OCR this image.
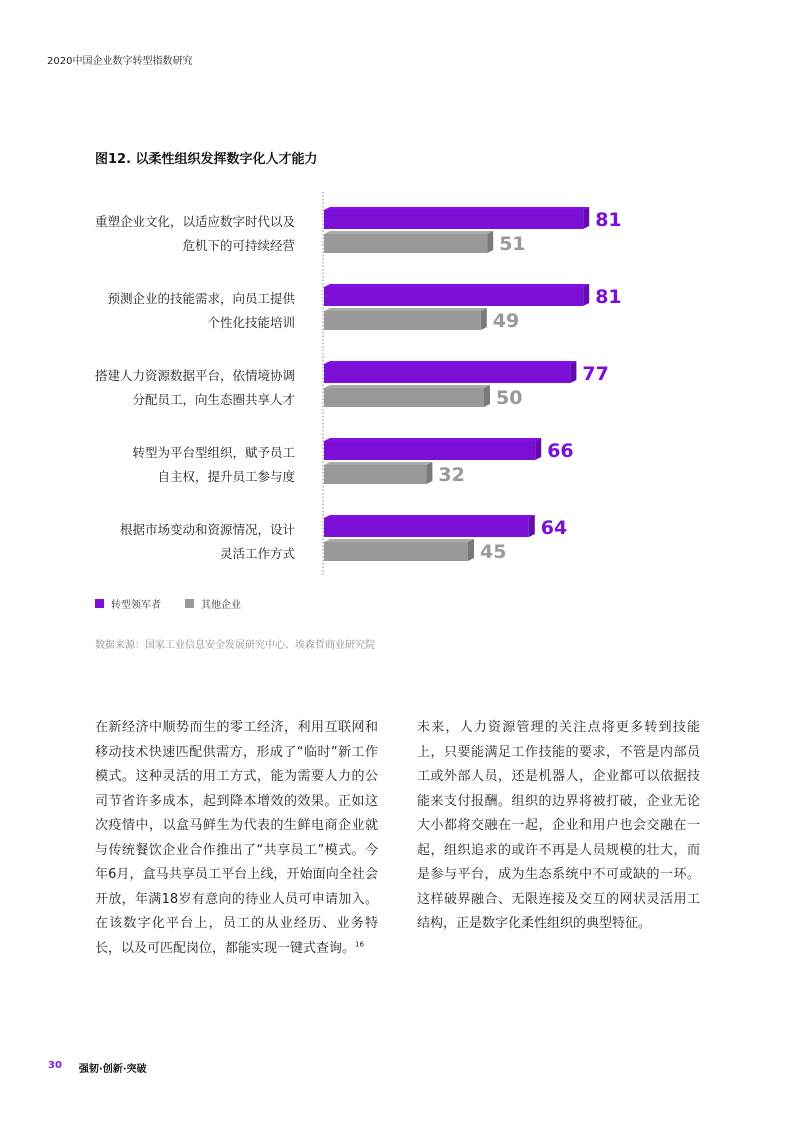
2020中国企业数字转型指数研究
图12. 以柔性组织发挥数字化人才能力
重塑企业文化，以适应数字时代以及
危机下的可持续经营
81
51
预测企业的技能需求，向员工提供
个性化技能培训
81
49
搭建人力资源数据平台，依情境协调
分配员工，向生态圈共享人才
77
50
转型为平台型组织，赋予员工
自主权，提升员工参与度
66
32
根据市场变动和资源情况，设计
灵活工作方式
64
45
转型领军者	其他企业
数据来源：国家工业信息安全发展研究中心、埃森哲商业研究院

在新经济中顺势而生的零工经济，利用互联网和移动技术快速匹配供需方，形成了“临时”新工作模式。这种灵活的用工方式，能为需要人力的公司节省许多成本，起到降本增效的效果。正如这次疫情中，以盒马鲜生为代表的生鲜电商企业就与传统餐饮企业合作推出了“共享员工”模式。今年6月，盒马共享员工平台上线，开始面向全社会开放，年满18岁有意向的待业人员可申请加入。在该数字化平台上，员工的从业经历、业务特长，以及可匹配岗位，都能实现一键式查询。$^{16}$

未来，人力资源管理的关注点将更多转到技能上，只要能满足工作技能的要求，不管是内部员工或外部人员，还是机器人，企业都可以依据技能来支付报酬。组织的边界将被打破，企业无论大小都将交融在一起，企业和用户也会交融在一起，组织追求的或许不再是人员规模的壮大，而是参与平台，成为生态系统中不可或缺的一环。这样破界融合、无限连接及交互的网状灵活用工结构，正是数字化柔性组织的典型特征。

30 强韧·创新·突破
